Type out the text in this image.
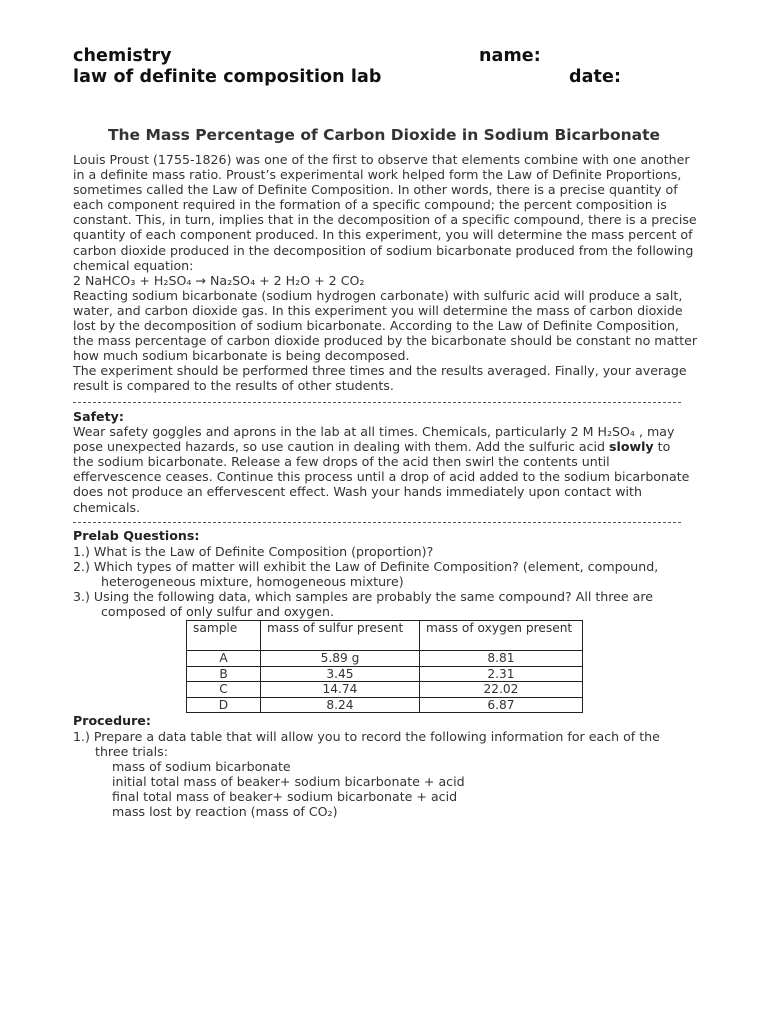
chemistry
law of definite composition lab
name:
date:
The Mass Percentage of Carbon Dioxide in Sodium Bicarbonate
Louis Proust (1755-1826) was one of the first to observe that elements combine with one another
in a definite mass ratio. Proust’s experimental work helped form the Law of Definite Proportions,
sometimes called the Law of Definite Composition. In other words, there is a precise quantity of
each component required in the formation of a specific compound; the percent composition is
constant. This, in turn, implies that in the decomposition of a specific compound, there is a precise
quantity of each component produced. In this experiment, you will determine the mass percent of
carbon dioxide produced in the decomposition of sodium bicarbonate produced from the following
chemical equation:
2 NaHCO₃ + H₂SO₄ → Na₂SO₄ + 2 H₂O + 2 CO₂
Reacting sodium bicarbonate (sodium hydrogen carbonate) with sulfuric acid will produce a salt,
water, and carbon dioxide gas. In this experiment you will determine the mass of carbon dioxide
lost by the decomposition of sodium bicarbonate. According to the Law of Definite Composition,
the mass percentage of carbon dioxide produced by the bicarbonate should be constant no matter
how much sodium bicarbonate is being decomposed.
The experiment should be performed three times and the results averaged. Finally, your average
result is compared to the results of other students.
Safety:
Wear safety goggles and aprons in the lab at all times. Chemicals, particularly 2 M H₂SO₄ , may
pose unexpected hazards, so use caution in dealing with them. Add the sulfuric acid slowly to
the sodium bicarbonate. Release a few drops of the acid then swirl the contents until
effervescence ceases. Continue this process until a drop of acid added to the sodium bicarbonate
does not produce an effervescent effect. Wash your hands immediately upon contact with
chemicals.
Prelab Questions:
1.) What is the Law of Definite Composition (proportion)?
2.) Which types of matter will exhibit the Law of Definite Composition? (element, compound,
heterogeneous mixture, homogeneous mixture)
3.) Using the following data, which samples are probably the same compound? All three are
composed of only sulfur and oxygen.
sample	mass of sulfur present	mass of oxygen present
A	5.89 g	8.81
B	3.45	2.31
C	14.74	22.02
D	8.24	6.87
Procedure:
1.) Prepare a data table that will allow you to record the following information for each of the
three trials:
mass of sodium bicarbonate
initial total mass of beaker+ sodium bicarbonate + acid
final total mass of beaker+ sodium bicarbonate + acid
mass lost by reaction (mass of CO₂)
